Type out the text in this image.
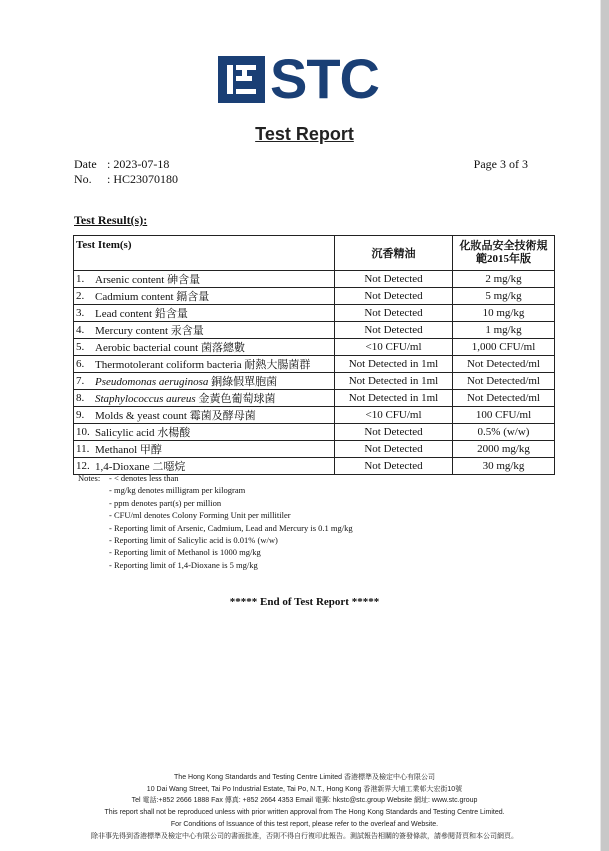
STC
Test Report
Date : 2023-07-18
No. : HC23070180
Page 3 of 3
Test Result(s):
Test Item(s)		沉香精油	化妝品安全技術規範2015年版
1.	Arsenic content 砷含量	Not Detected	2 mg/kg
2.	Cadmium content 鎘含量	Not Detected	5 mg/kg
3.	Lead content 鉛含量	Not Detected	10 mg/kg
4.	Mercury content 汞含量	Not Detected	1 mg/kg
5.	Aerobic bacterial count 菌落總數	<10 CFU/ml	1,000 CFU/ml
6.	Thermotolerant coliform bacteria 耐熱大腸菌群	Not Detected in 1ml	Not Detected/ml
7.	Pseudomonas aeruginosa 銅綠假單胞菌	Not Detected in 1ml	Not Detected/ml
8.	Staphylococcus aureus 金黃色葡萄球菌	Not Detected in 1ml	Not Detected/ml
9.	Molds & yeast count 霉菌及酵母菌	<10 CFU/ml	100 CFU/ml
10.	Salicylic acid 水楊酸	Not Detected	0.5% (w/w)
11.	Methanol 甲醇	Not Detected	2000 mg/kg
12.	1,4-Dioxane 二噁烷	Not Detected	30 mg/kg
Notes: - < denotes less than
- mg/kg denotes milligram per kilogram
- ppm denotes part(s) per million
- CFU/ml denotes Colony Forming Unit per millitiler
- Reporting limit of Arsenic, Cadmium, Lead and Mercury is 0.1 mg/kg
- Reporting limit of Salicylic acid is 0.01% (w/w)
- Reporting limit of Methanol is 1000 mg/kg
- Reporting limit of 1,4-Dioxane is 5 mg/kg
***** End of Test Report *****
The Hong Kong Standards and Testing Centre Limited 香港標準及檢定中心有限公司
10 Dai Wang Street, Tai Po Industrial Estate, Tai Po, N.T., Hong Kong 香港新界大埔工業邨大宏街10號
Tel 電話:+852 2666 1888 Fax 傳真: +852 2664 4353 Email 電郵: hkstc@stc.group Website 網址: www.stc.group
This report shall not be reproduced unless with prior written approval from The Hong Kong Standards and Testing Centre Limited.
For Conditions of Issuance of this test report, please refer to the overleaf and Website.
除非事先得到香港標準及檢定中心有限公司的書面批准，否則不得自行複印此報告。測試報告相關的簽發條款，請參閱背頁和本公司網頁。
